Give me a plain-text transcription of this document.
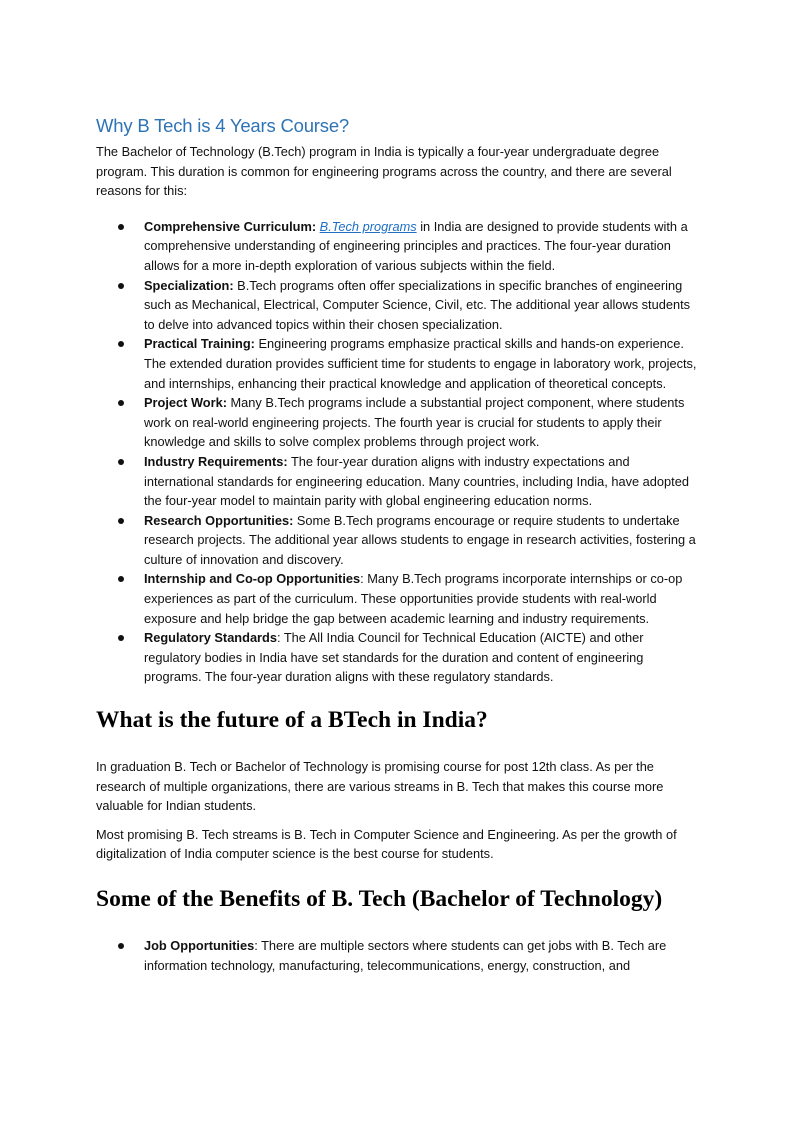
Why B Tech is 4 Years Course?

The Bachelor of Technology (B.Tech) program in India is typically a four-year undergraduate degree program. This duration is common for engineering programs across the country, and there are several reasons for this:

Comprehensive Curriculum: B.Tech programs in India are designed to provide students with a comprehensive understanding of engineering principles and practices. The four-year duration allows for a more in-depth exploration of various subjects within the field.
Specialization: B.Tech programs often offer specializations in specific branches of engineering such as Mechanical, Electrical, Computer Science, Civil, etc. The additional year allows students to delve into advanced topics within their chosen specialization.
Practical Training: Engineering programs emphasize practical skills and hands-on experience. The extended duration provides sufficient time for students to engage in laboratory work, projects, and internships, enhancing their practical knowledge and application of theoretical concepts.
Project Work: Many B.Tech programs include a substantial project component, where students work on real-world engineering projects. The fourth year is crucial for students to apply their knowledge and skills to solve complex problems through project work.
Industry Requirements: The four-year duration aligns with industry expectations and international standards for engineering education. Many countries, including India, have adopted the four-year model to maintain parity with global engineering education norms.
Research Opportunities: Some B.Tech programs encourage or require students to undertake research projects. The additional year allows students to engage in research activities, fostering a culture of innovation and discovery.
Internship and Co-op Opportunities: Many B.Tech programs incorporate internships or co-op experiences as part of the curriculum. These opportunities provide students with real-world exposure and help bridge the gap between academic learning and industry requirements.
Regulatory Standards: The All India Council for Technical Education (AICTE) and other regulatory bodies in India have set standards for the duration and content of engineering programs. The four-year duration aligns with these regulatory standards.
What is the future of a BTech in India?

In graduation B. Tech or Bachelor of Technology is promising course for post 12th class. As per the research of multiple organizations, there are various streams in B. Tech that makes this course more valuable for Indian students.

Most promising B. Tech streams is B. Tech in Computer Science and Engineering. As per the growth of digitalization of India computer science is the best course for students.

Some of the Benefits of B. Tech (Bachelor of Technology)
Job Opportunities: There are multiple sectors where students can get jobs with B. Tech are information technology, manufacturing, telecommunications, energy, construction, and
